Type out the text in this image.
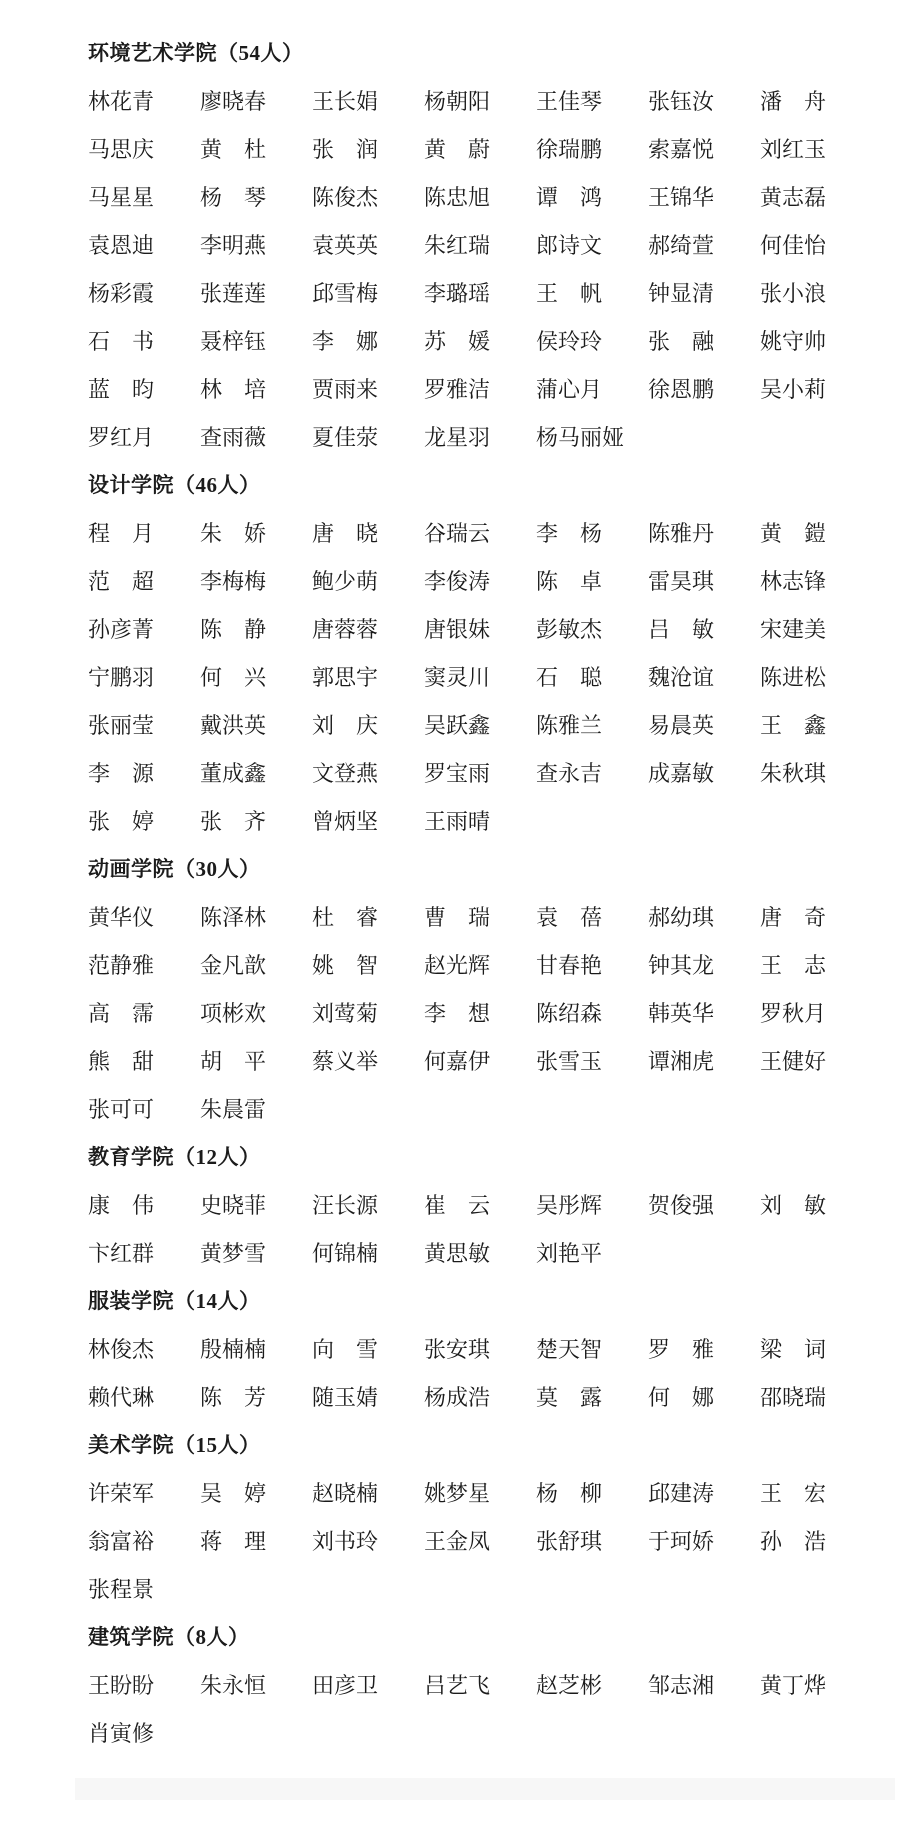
环境艺术学院（54人）
林花青	廖晓春	王长娟	杨朝阳	王佳琴	张钰汝	潘　舟
马思庆	黄　杜	张　润	黄　蔚	徐瑞鹏	索嘉悦	刘红玉
马星星	杨　琴	陈俊杰	陈忠旭	谭　鸿	王锦华	黄志磊
袁恩迪	李明燕	袁英英	朱红瑞	郎诗文	郝绮萱	何佳怡
杨彩霞	张莲莲	邱雪梅	李璐瑶	王　帆	钟显清	张小浪
石　书	聂梓钰	李　娜	苏　媛	侯玲玲	张　融	姚守帅
蓝　昀	林　培	贾雨来	罗雅洁	蒲心月	徐恩鹏	吴小莉
罗红月	查雨薇	夏佳荥	龙星羽	杨马丽娅
设计学院（46人）
程　月	朱　娇	唐　晓	谷瑞云	李　杨	陈雅丹	黄　鎧
范　超	李梅梅	鲍少萌	李俊涛	陈　卓	雷昊琪	林志锋
孙彦菁	陈　静	唐蓉蓉	唐银妹	彭敏杰	吕　敏	宋建美
宁鹏羽	何　兴	郭思宇	窦灵川	石　聪	魏沧谊	陈进松
张丽莹	戴洪英	刘　庆	吴跃鑫	陈雅兰	易晨英	王　鑫
李　源	董成鑫	文登燕	罗宝雨	查永吉	成嘉敏	朱秋琪
张　婷	张　齐	曾炳坚	王雨晴
动画学院（30人）
黄华仪	陈泽林	杜　睿	曹　瑞	袁　蓓	郝幼琪	唐　奇
范静雅	金凡歆	姚　智	赵光辉	甘春艳	钟其龙	王　志
高　霈	项彬欢	刘莺菊	李　想	陈绍森	韩英华	罗秋月
熊　甜	胡　平	蔡义举	何嘉伊	张雪玉	谭湘虎	王健好
张可可	朱晨雷
教育学院（12人）
康　伟	史晓菲	汪长源	崔　云	吴彤辉	贺俊强	刘　敏
卞红群	黄梦雪	何锦楠	黄思敏	刘艳平
服装学院（14人）
林俊杰	殷楠楠	向　雪	张安琪	楚天智	罗　雅	梁　词
赖代琳	陈　芳	随玉婧	杨成浩	莫　露	何　娜	邵晓瑞
美术学院（15人）
许荣军	吴　婷	赵晓楠	姚梦星	杨　柳	邱建涛	王　宏
翁富裕	蒋　理	刘书玲	王金凤	张舒琪	于珂娇	孙　浩
张程景
建筑学院（8人）
王盼盼	朱永恒	田彦卫	吕艺飞	赵芝彬	邹志湘	黄丁烨
肖寅修
